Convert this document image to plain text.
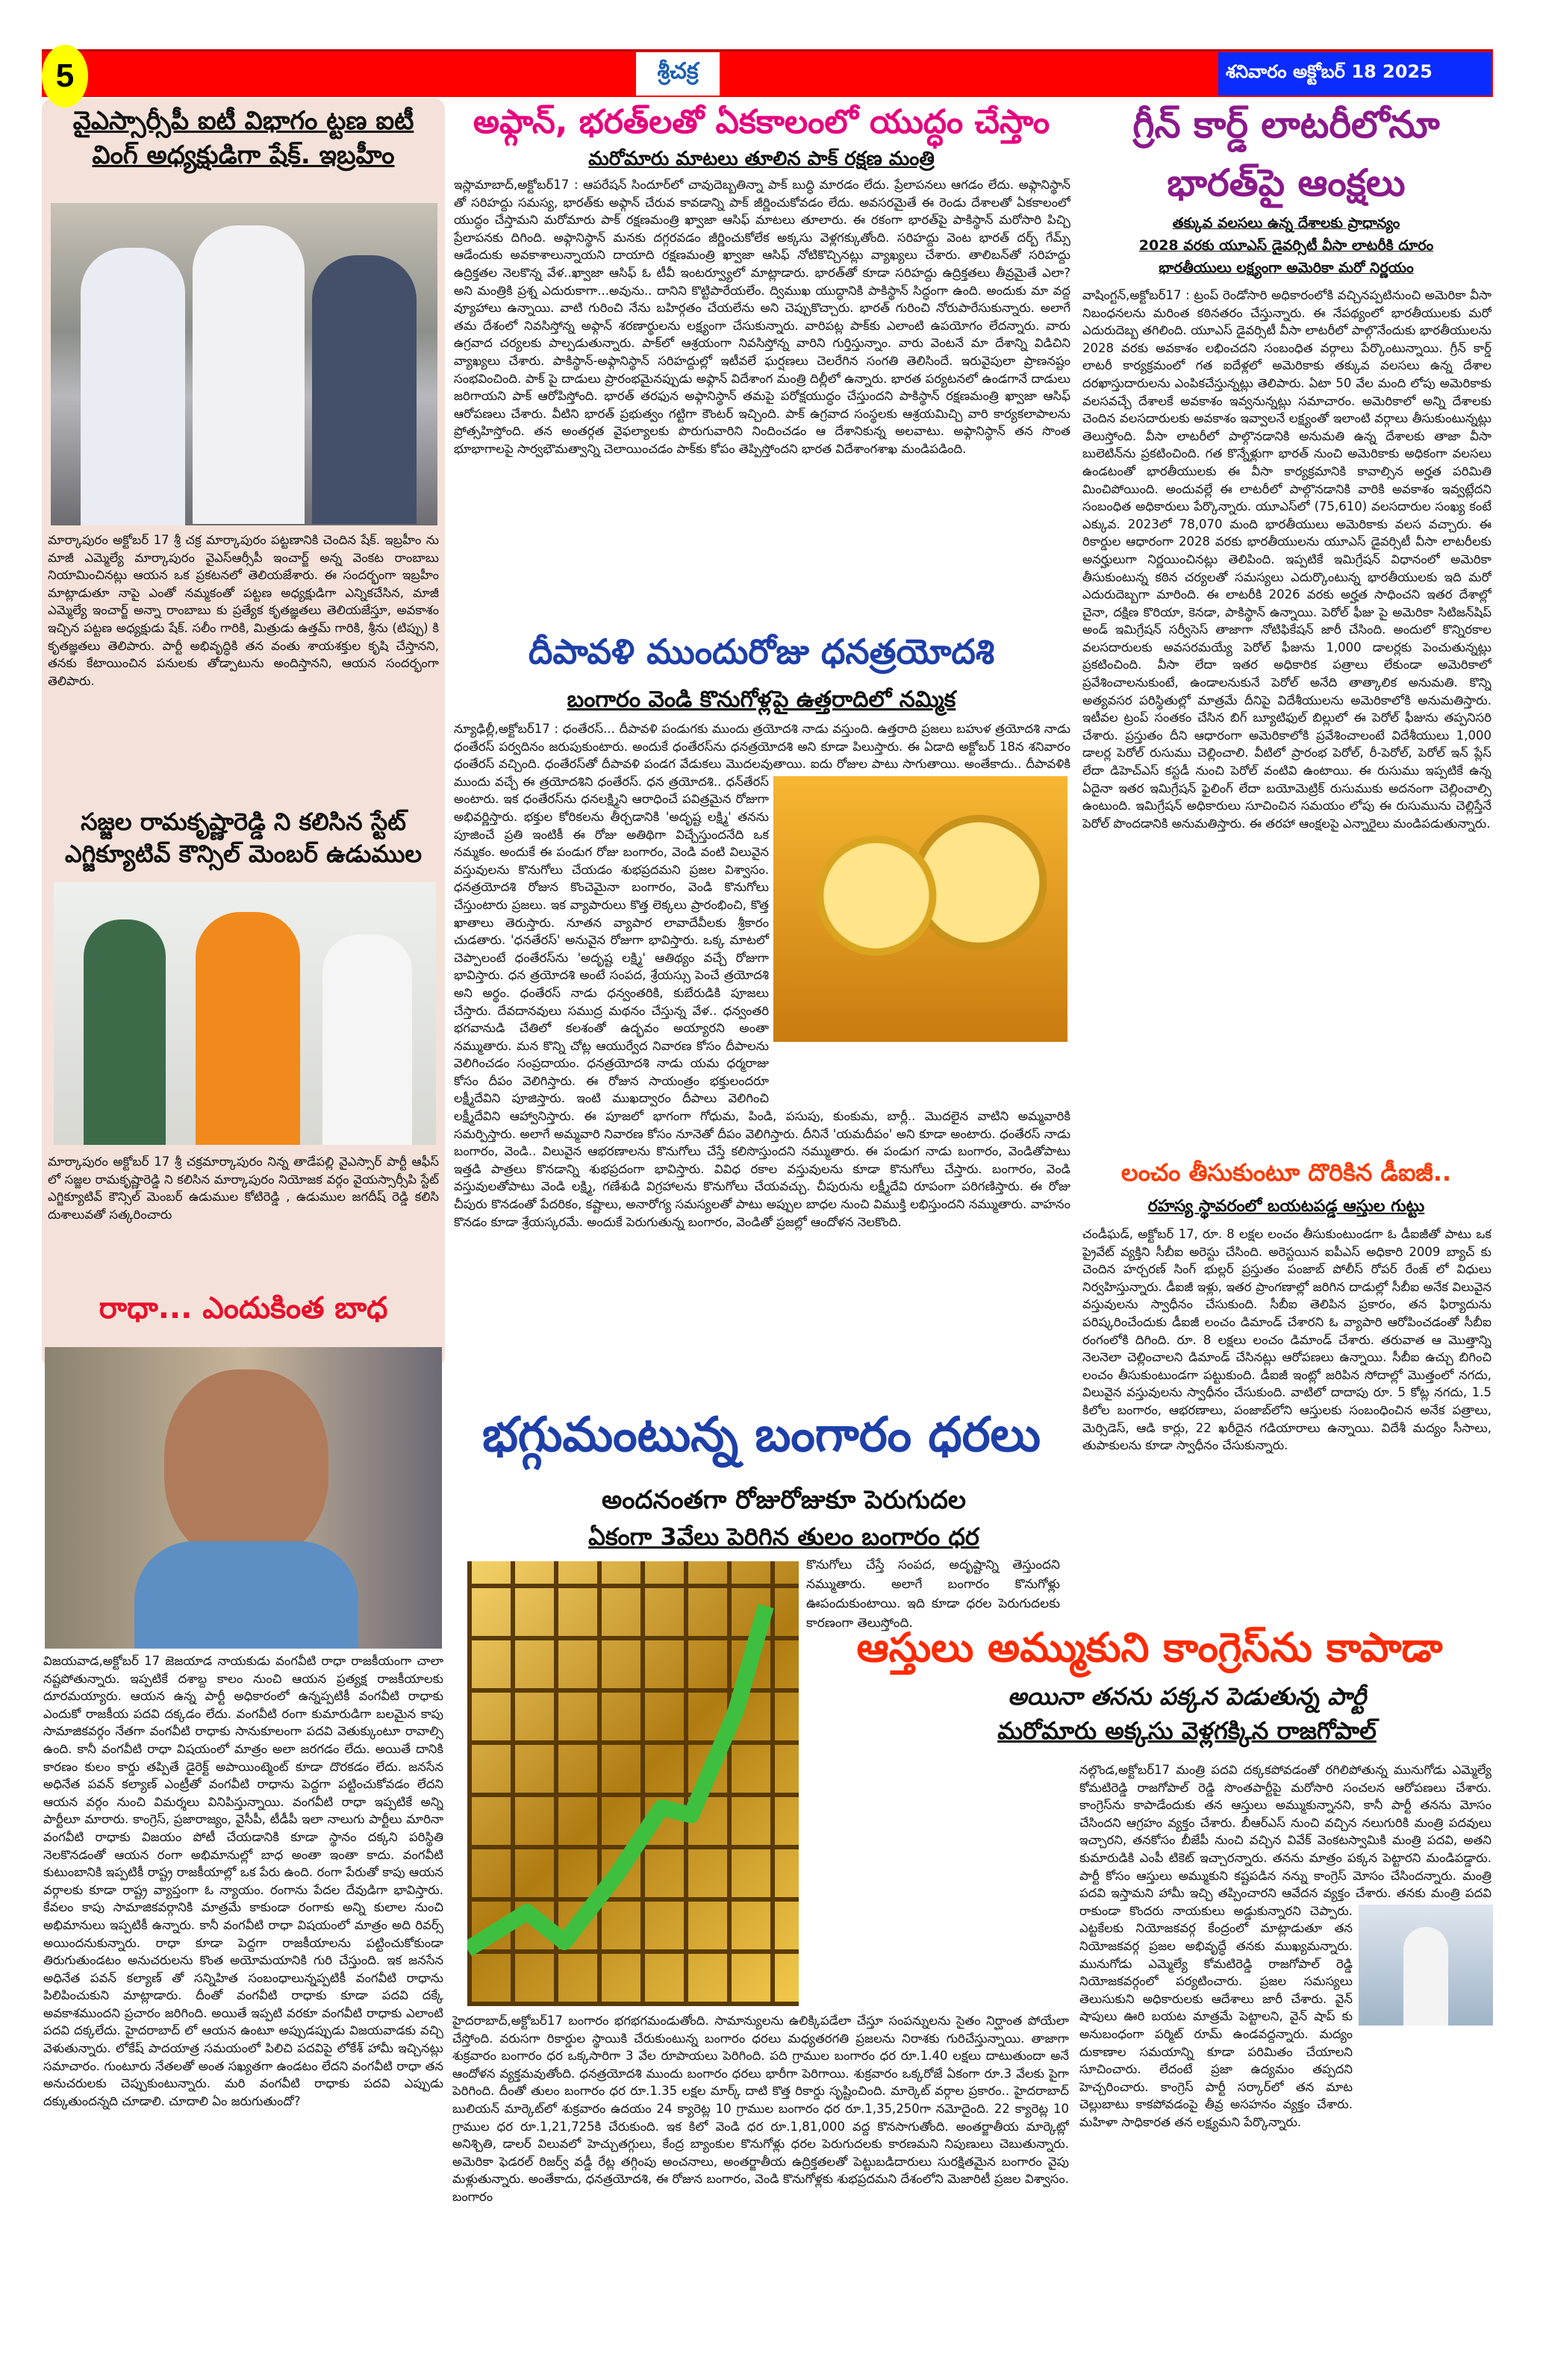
5	శ్రీచక్ర	శనివారం అక్టోబర్ 18 2025
వైఎస్సార్సీపీ ఐటీ విభాగం ట్టణ ఐటీ వింగ్ అధ్యక్షుడిగా షేక్. ఇబ్రహీం
మార్కాపురం అక్టోబర్ 17 శ్రీ చక్ర మార్కాపురం పట్టణానికి చెందిన షేక్. ఇబ్రహీం ను మాజీ ఎమ్మెల్యే మార్కాపురం వైఎస్ఆర్సీపీ ఇంచార్జ్ అన్న వెంకట రాంబాబు నియామించినట్లు ఆయన ఒక ప్రకటనలో తెలియజేశారు. ఈ సందర్భంగా ఇబ్రహీం మాట్లాడుతూ నాపై ఎంతో నమ్మకంతో పట్టణ అధ్యక్షుడిగా ఎన్నికచేసిన, మాజీ ఎమ్మెల్యే ఇంచార్జ్ అన్నా రాంబాబు కు ప్రత్యేక కృతజ్ఞతలు తెలియజేస్తూ, అవకాశం ఇచ్చిన పట్టణ అధ్యక్షుడు షేక్. సలీం గారికి, మిత్రుడు ఉత్తమ్ గారికి, శ్రీను (టిప్పు) కి కృతజ్ఞతలు తెలిపారు. పార్టీ అభివృద్ధికి తన వంతు శాయశక్తుల కృషి చేస్తానని, తనకు కేటాయించిన పనులకు తోడ్పాటును అందిస్తానని, ఆయన సందర్భంగా తెలిపారు.
సజ్జల రామకృష్ణారెడ్డి ని కలిసిన స్టేట్ ఎగ్జిక్యూటివ్ కౌన్సిల్ మెంబర్ ఉడుముల
మార్కాపురం అక్టోబర్ 17 శ్రీ చక్రమార్కాపురం నిన్న తాడేపల్లి వైఎస్సార్ పార్టీ ఆఫీస్ లో సజ్జల రామకృష్ణారెడ్డి ని కలిసిన మార్కాపురం నియోజక వర్గం వైయస్సార్సీపి స్టేట్ ఎగ్జిక్యూటివ్ కౌన్సిల్ మెంబర్ ఉడుముల కోటిరెడ్డి , ఉడుముల జగదీష్ రెడ్డి కలిసి దుశాలువతో సత్కరించారు
రాధా... ఎందుకింత బాధ
విజయవాడ,అక్టోబర్ 17 జెజయాడ నాయకుడు వంగవీటి రాధా రాజకీయంగా చాలా నష్టపోతున్నారు. ఇప్పటికే దశాబ్ద కాలం నుంచి ఆయన ప్రత్యక్ష రాజకీయాలకు దూరమయ్యారు. ఆయన ఉన్న పార్టీ అధికారంలో ఉన్నప్పటికీ వంగవీటి రాధాకు ఎందుకో రాజకీయ పదవి దక్కడం లేదు. వంగవీటి రంగా కుమారుడిగా బలమైన కాపు సామాజికవర్గం నేతగా వంగవీటి రాధాకు సానుకూలంగా పదవి వెతుక్కుంటూ రావాల్సి ఉంది. కానీ వంగవీటి రాధా విషయంలో మాత్రం అలా జరగడం లేదు. అయితే దానికి కారణం కులం కార్డు తప్పితే డైరెక్ట్ అపాయింట్మెంట్ కూడా దొరకడం లేదు. జనసేన అధినేత పవన్ కల్యాణ్ ఎంట్రీతో వంగవీటి రాధాను పెద్దగా పట్టించుకోవడం లేదని ఆయన వర్గం నుంచి విమర్శలు వినిపిస్తున్నాయి. వంగవీటి రాధా ఇప్పటికే అన్ని పార్టీలూ మారారు. కాంగ్రెస్, ప్రజారాజ్యం, వైసీపీ, టీడీపీ ఇలా నాలుగు పార్టీలు మారినా వంగవీటి రాధాకు విజయం పోటీ చేయడానికి కూడా స్థానం దక్కని పరిస్థితి నెలకొనడంతో ఆయన రంగా అభిమానుల్లో బాధ అంతా ఇంతా కాదు. వంగవీటి కుటుంబానికి ఇప్పటికీ రాష్ట్ర రాజకీయాల్లో ఒక పేరు ఉంది. రంగా పేరుతో కాపు ఆయన వర్గాలకు కూడా రాష్ట్ర వ్యాప్తంగా ఓ న్యాయం. రంగాను పేదల దేవుడిగా భావిస్తారు. కేవలం కాపు సామాజికవర్గానికి మాత్రమే కాకుండా రంగాకు అన్ని కులాల నుంచి అభిమానులు ఇప్పటికీ ఉన్నారు. కానీ వంగవీటి రాధా విషయంలో మాత్రం అది రివర్స్ అయిందనుకున్నారు. రాధా కూడా పెద్దగా రాజకీయాలను పట్టించుకోకుండా తిరుగుతుండటం అనుచరులను కొంత అయోమయానికి గురి చేస్తుంది. ఇక జనసేన అధినేత పవన్ కల్యాణ్ తో సన్నిహిత సంబంధాలున్నప్పటికీ వంగవీటి రాధాను పిలిపించుకుని మాట్లాడారు. దీంతో వంగవీటి రాధాకు కూడా పదవి దక్కే అవకాశముందని ప్రచారం జరిగింది. అయితే ఇప్పటి వరకూ వంగవీటి రాధాకు ఎలాంటి పదవి దక్కలేదు. హైదరాబాద్ లో ఆయన ఉంటూ అప్పుడప్పుడు విజయవాడకు వచ్చి వెళుతున్నారు. లోకేష్ పాదయాత్ర సమయంలో పిలిచి పదవిపై లోకేశ్ హామీ ఇచ్చినట్లు సమాచారం. గుంటూరు నేతలతో అంత సఖ్యతగా ఉండటం లేదని వంగవీటి రాధా తన అనుచరులకు చెప్పుకుంటున్నారు. మరి వంగవీటి రాధాకు పదవి ఎప్పుడు దక్కుతుందన్నది చూడాలి. చూదాలి ఏం జరుగుతుందో?
అఫ్గాన్, భరత్‌లతో ఏకకాలంలో యుద్ధం చేస్తాం
మరోమారు మాటలు తూలిన పాక్ రక్షణ మంత్రి
ఇస్లామాబాద్,అక్టోబర్17 : ఆపరేషన్ సిందూర్‌లో చావుదెబ్బతిన్నా పాక్ బుద్ధి మారడం లేదు. ప్రేలాపనలు ఆగడం లేదు. అఫ్గానిస్థాన్ తో సరిహద్దు సమస్య, భారత్‌కు అఫ్గాన్ చేరువ కావడాన్ని పాక్ జీర్ణించుకోవడం లేదు. అవసరమైతే ఈ రెండు దేశాలతో ఏకకాలంలో యుద్ధం చేస్తామని మరోమారు పాక్ రక్షణమంత్రి ఖ్వాజా ఆసిఫ్ మాటలు తూలారు. ఈ రకంగా భారత్‌పై పాకిస్థాన్ మరోసారి పిచ్చి ప్రేలాపనకు దిగింది. అఫ్గానిస్థాన్ మనకు దగ్గరవడం జీర్ణించుకోలేక అక్కసు వెళ్లగక్కుతోంది. సరిహద్దు వెంట భారత్ దర్బ్ గేమ్స్ ఆడేందుకు అవకాశాలున్నాయని దాయాది రక్షణమంత్రి ఖ్వాజా ఆసిఫ్ నోటికొచ్చినట్లు వ్యాఖ్యలు చేశారు. తాలిబన్‌తో సరిహద్దు ఉద్రిక్తతల నెలకొన్న వేళ..ఖ్వాజా ఆసిఫ్ ఓ టీవీ ఇంటర్వ్యూలో మాట్లాడారు. భారత్‌తో కూడా సరిహద్దు ఉద్రిక్తతలు తీవ్రమైతే ఎలా? అని మంత్రికి ప్రశ్న ఎదురుకాగా...అవును.. దానిని కొట్టిపారేయలేం. ద్విముఖ యుద్ధానికి పాకిస్థాన్ సిద్ధంగా ఉంది. అందుకు మా వద్ద వ్యూహాలు ఉన్నాయి. వాటి గురించి నేను బహిర్గతం చేయలేను అని చెప్పుకొచ్చారు. భారత్ గురించి నోరుపారేసుకున్నారు. అలాగే తమ దేశంలో నివసిస్తోన్న అఫ్గాన్ శరణార్థులను లక్ష్యంగా చేసుకున్నారు. వారిపట్ల పాక్‌కు ఎలాంటి ఉపయోగం లేదన్నారు. వారు ఉగ్రవాద చర్యలకు పాల్పడుతున్నారు. పాక్‌లో ఆశ్రయంగా నివసిస్తోన్న వారిని గుర్తిస్తున్నాం. వారు వెంటనే మా దేశాన్ని విడిచిని వ్యాఖ్యలు చేశారు. పాకిస్థాన్-అఫ్గానిస్థాన్ సరిహద్దుల్లో ఇటీవలే ఘర్షణలు చెలరేగిన సంగతి తెలిసిందే. ఇరువైపులా ప్రాణనష్టం సంభవించింది. పాక్ పై దాడులు ప్రారంభమైనప్పుడు అఫ్గాన్ విదేశాంగ మంత్రి దిల్లీలో ఉన్నారు. భారత పర్యటనలో ఉండగానే దాడులు జరిగాయని పాక్ ఆరోపిస్తోంది. భారత్ తరఫున అఫ్గానిస్థాన్ తమపై పరోక్షయుద్ధం చేస్తుందని పాకిస్థాన్ రక్షణమంత్రి ఖ్వాజా ఆసిఫ్ ఆరోపణలు చేశారు. వీటిని భారత్ ప్రభుత్వం గట్టిగా కౌంటర్ ఇచ్చింది. పాక్ ఉగ్రవాద సంస్థలకు ఆశ్రయమిచ్చి వారి కార్యకలాపాలను ప్రోత్సహిస్తోంది. తన అంతర్గత వైఫల్యాలకు పొరుగువారిని నిందించడం ఆ దేశానికున్న అలవాటు. అఫ్గానిస్థాన్ తన సొంత భూభాగాలపై సార్వభౌమత్వాన్ని చెలాయించడం పాక్‌కు కోపం తెప్పిస్తోందని భారత విదేశాంగశాఖ మండిపడింది.
దీపావళి ముందురోజు ధనత్రయోదశి
బంగారం వెండి కొనుగోళ్లపై ఉత్తరాదిలో నమ్మిక
న్యూఢిల్లీ,అక్టోబర్17 : ధంతేరస్... దీపావళి పండుగకు ముందు త్రయోదశి నాడు వస్తుంది. ఉత్తరాది ప్రజలు బహుళ త్రయోదశి నాడు ధంతేరస్ పర్వదినం జరుపుకుంటారు. అందుకే ధంతేరస్‌ను ధనత్రయోదశి అని కూడా పిలుస్తారు. ఈ ఏడాది అక్టోబర్ 18న శనివారం ధంతేరస్ వచ్చింది. ధంతేరస్‌తో దీపావళి పండగ వేడుకలు మొదలవుతాయి. ఐదు రోజుల పాటు సాగుతాయి. అంతేకాదు.. దీపావళికి ముందు వచ్చే ఈ త్రయోదశిని ధంతేరస్. ధన త్రయోదశి.. ధన్‌తేరస్ అంటారు. ఇక ధంతేరస్‌ను ధనలక్ష్మిని ఆరాధించే పవిత్రమైన రోజుగా అభివర్ణిస్తారు. భక్తుల కోరికలను తీర్చడానికి 'అదృష్ట లక్ష్మి' తనను పూజించే ప్రతి ఇంటికీ ఈ రోజు అతిథిగా విచ్చేస్తుందనేది ఒక నమ్మకం. అందుకే ఈ పండుగ రోజు బంగారం, వెండి వంటి విలువైన వస్తువులను కొనుగోలు చేయడం శుభప్రదమని ప్రజల విశ్వాసం. ధనత్రయోదశి రోజున కొంచెమైనా బంగారం, వెండి కొనుగోలు చేస్తుంటారు ప్రజలు. ఇక వ్యాపారులు కొత్త లెక్కలు ప్రారంభించి, కొత్త ఖాతాలు తెరుస్తారు. నూతన వ్యాపార లావాదేవీలకు శ్రీకారం చుడతారు. 'ధనతేరస్' అనువైన రోజుగా భావిస్తారు. ఒక్క మాటలో చెప్పాలంటే ధంతేరస్‌ను 'అదృష్ట లక్ష్మి' ఆతిథ్యం వచ్చే రోజుగా భావిస్తారు. ధన త్రయోదశి అంటే సంపద, శ్రేయస్సు పెంచే త్రయోదశి అని అర్థం. ధంతేరస్ నాడు ధన్వంతరికి, కుబేరుడికి పూజలు చేస్తారు. దేవదానవులు సముద్ర మథనం చేస్తున్న వేళ.. ధన్వంతరి భగవానుడి చేతిలో కలశంతో ఉద్భవం అయ్యారని అంతా నమ్ముతారు. మన కొన్ని చోట్ల ఆయుర్వేద నివారణ కోసం దీపాలను వెలిగించడం సంప్రదాయం. ధనత్రయోదశి నాడు యమ ధర్మరాజు కోసం దీపం వెలిగిస్తారు. ఈ రోజున సాయంత్రం భక్తులందరూ లక్ష్మీదేవిని పూజిస్తారు. ఇంటి ముఖద్వారం దీపాలు వెలిగించి లక్ష్మీదేవిని ఆహ్వానిస్తారు. ఈ పూజలో భాగంగా గోధుమ, పిండి, పసుపు, కుంకుమ, బార్లీ.. మొదలైన వాటిని అమ్మవారికి సమర్పిస్తారు. అలాగే అమ్మవారి నివారణ కోసం నూనెతో దీపం వెలిగిస్తారు. దీనినే 'యమదీపం' అని కూడా అంటారు. ధంతేరస్ నాడు బంగారం, వెండి.. విలువైన ఆభరణాలను కొనుగోలు చేస్తే కలిసొస్తుందని నమ్ముతారు. ఈ పండుగ నాడు బంగారం, వెండితోపాటు ఇత్తడి పాత్రలు కొనడాన్ని శుభప్రదంగా భావిస్తారు. వివిధ రకాల వస్తువులను కూడా కొనుగోలు చేస్తారు. బంగారం, వెండి వస్తువులతోపాటు వెండి లక్ష్మి, గణేశుడి విగ్రహాలను కొనుగోలు చేయవచ్చు. చీపురును లక్ష్మీదేవి రూపంగా పరిగణిస్తారు. ఈ రోజు చీపురు కొనడంతో పేదరికం, కష్టాలు, అనారోగ్య సమస్యలతో పాటు అప్పుల బాధల నుంచి విముక్తి లభిస్తుందని నమ్ముతారు. వాహనం కొనడం కూడా శ్రేయస్కరమే. అందుకే పెరుగుతున్న బంగారం, వెండితో ప్రజల్లో ఆందోళన నెలకొంది.
భగ్గుమంటున్న బంగారం ధరలు
అందనంతగా రోజురోజుకూ పెరుగుదల
ఏకంగా 3వేలు పెరిగిన తులం బంగారం ధర
కొనుగోలు చేస్తే సంపద, అదృష్టాన్ని తెస్తుందని నమ్ముతారు. అలాగే బంగారం కొనుగోళ్లు ఊపందుకుంటాయి. ఇది కూడా ధరల పెరుగుదలకు కారణంగా తెలుస్తోంది.
హైదరాబాద్,అక్టోబర్17 బంగారం భగభగమండుతోంది. సామాన్యులను ఉలిక్కిపడేలా చేస్తూ సంపన్నులను సైతం నిర్ఘాంత పోయేలా చేస్తోంది. వరుసగా రికార్డుల స్థాయికి చేరుకుంటున్న బంగారం ధరలు మధ్యతరగతి ప్రజలను నిరాశకు గురిచేస్తున్నాయి. తాజాగా శుక్రవారం బంగారం ధర ఒక్కసారిగా 3 వేల రూపాయలు పెరిగింది. పది గ్రాముల బంగారం ధర రూ.1.40 లక్షలు దాటుతుందా అనే ఆందోళన వ్యక్తమవుతోంది. ధనత్రయోదశి ముందు బంగారం ధరలు భారీగా పెరిగాయి. శుక్రవారం ఒక్కరోజే ఏకంగా రూ.3 వేలకు పైగా పెరిగింది. దీంతో తులం బంగారం ధర రూ.1.35 లక్షల మార్క్ దాటి కొత్త రికార్డు సృష్టించింది. మార్కెట్ వర్గాల ప్రకారం.. హైదరాబాద్ బులియన్ మార్కెట్‌లో శుక్రవారం ఉదయం 24 క్యారెట్ల 10 గ్రాముల బంగారం ధర రూ.1,35,250గా నమోదైంది. 22 క్యారెట్ల 10 గ్రాముల ధర రూ.1,21,725కి చేరుకుంది. ఇక కిలో వెండి ధర రూ.1,81,000 వద్ద కొనసాగుతోంది. అంతర్జాతీయ మార్కెట్లో అనిశ్చితి, డాలర్ విలువలో హెచ్చుతగ్గులు, కేంద్ర బ్యాంకుల కొనుగోళ్లు ధరల పెరుగుదలకు కారణమని నిపుణులు చెబుతున్నారు. అమెరికా ఫెడరల్ రిజర్వ్ వడ్డీ రేట్ల తగ్గింపు అంచనాలు, అంతర్జాతీయ ఉద్రిక్తతలతో పెట్టుబడిదారులు సురక్షితమైన బంగారం వైపు మళ్లుతున్నారు. అంతేకాదు, ధనత్రయోదశి, ఈ రోజున బంగారం, వెండి కొనుగోళ్లకు శుభప్రదమని దేశంలోని మెజారిటీ ప్రజల విశ్వాసం. బంగారం
గ్రీన్ కార్డ్ లాటరీలోనూ భారత్‌పై ఆంక్షలు
తక్కువ వలసలు ఉన్న దేశాలకు ప్రాధాన్యం
2028 వరకు యూఎస్ డైవర్సిటీ వీసా లాటరీకి దూరం
భారతీయులు లక్ష్యంగా అమెరికా మరో నిర్ణయం
వాషింగ్టన్,అక్టోబర్17 : ట్రంప్ రెండోసారి అధికారంలోకి వచ్చినప్పటినుంచి అమెరికా వీసా నిబంధనలను మరింత కఠినతరం చేస్తున్నారు. ఈ నేపథ్యంలో భారతీయులకు మరో ఎదురుదెబ్బ తగిలింది. యూఎస్ డైవర్సిటీ వీసా లాటరీలో పాల్గొనేందుకు భారతీయులను 2028 వరకు అవకాశం లభించదని సంబంధిత వర్గాలు పేర్కొంటున్నాయి. గ్రీన్ కార్డ్ లాటరీ కార్యక్రమంలో గత ఐదేళ్లలో అమెరికాకు తక్కువ వలసలు ఉన్న దేశాల దరఖాస్తుదారులను ఎంపికచేస్తున్నట్లు తెలిపారు. ఏటా 50 వేల మంది లోపు అమెరికాకు వలసవచ్చే దేశాలకే అవకాశం ఇవ్వనున్నట్లు సమాచారం. అమెరికాలో అన్ని దేశాలకు చెందిన వలసదారులకు అవకాశం ఇవ్వాలనే లక్ష్యంతో ఇలాంటి వర్గాలు తీసుకుంటున్నట్లు తెలుస్తోంది. వీసా లాటరీలో పాల్గొనడానికి అనుమతి ఉన్న దేశాలకు తాజా వీసా బులెటిన్‌ను ప్రకటించింది. గత కొన్నేళ్లుగా భారత్ నుంచి అమెరికాకు అధికంగా వలసలు ఉండటంతో భారతీయులకు ఈ వీసా కార్యక్రమానికి కావాల్సిన అర్హత పరిమితి మించిపోయింది. అందువల్లే ఈ లాటరీలో పాల్గొనడానికి వారికి అవకాశం ఇవ్వట్లేదని సంబంధిత అధికారులు పేర్కొన్నారు. యూఎస్‌లో (75,610) వలసదారుల సంఖ్య కంటే ఎక్కువ. 2023లో 78,070 మంది భారతీయులు అమెరికాకు వలస వచ్చారు. ఈ రికార్డుల ఆధారంగా 2028 వరకు భారతీయులను యూఎస్ డైవర్సిటీ వీసా లాటరీలకు అనర్హులుగా నిర్ణయించినట్లు తెలిపింది. ఇప్పటికే ఇమిగ్రేషన్ విధానంలో అమెరికా తీసుకుంటున్న కఠిన చర్యలతో సమస్యలు ఎదుర్కొంటున్న భారతీయులకు ఇది మరో ఎదురుదెబ్బగా మారింది. ఈ లాటరీకి 2026 వరకు అర్హత సాధించని ఇతర దేశాల్లో చైనా, దక్షిణ కొరియా, కెనడా, పాకిస్థాన్ ఉన్నాయి. పెరోల్ ఫీజు పై అమెరికా సిటిజన్‌షిప్ అండ్ ఇమిగ్రేషన్ సర్వీసెస్ తాజాగా నోటిఫికేషన్ జారీ చేసింది. అందులో కొన్నిరకాల వలసదారులకు అవసరమయ్యే పెరోల్ ఫీజును 1,000 డాలర్లకు పెంచుతున్నట్లు ప్రకటించింది. వీసా లేదా ఇతర అధికారిక పత్రాలు లేకుండా అమెరికాలో ప్రవేశించాలనుకుంటే, ఉండాలనుకునే పెరోల్ అనేది తాత్కాలిక అనుమతి. కొన్ని అత్యవసర పరిస్థితుల్లో మాత్రమే దీనిపై విదేశీయులను అమెరికాలోకి అనుమతిస్తారు. ఇటీవల ట్రంప్ సంతకం చేసిన బిగ్ బ్యూటిఫుల్ బిల్లులో ఈ పెరోల్ ఫీజును తప్పనిసరి చేశారు. ప్రస్తుతం దీని ఆధారంగా అమెరికాలోకి ప్రవేశించాలంటే విదేశీయులు 1,000 డాలర్ల పెరోల్ రుసుము చెల్లించాలి. వీటిలో ప్రారంభ పెరోల్, రీ-పెరోల్, పెరోల్ ఇన్ ప్లేస్ లేదా డిహెచ్ఎస్ కస్టడీ నుంచి పెరోల్ వంటివి ఉంటాయి. ఈ రుసుము ఇప్పటికే ఉన్న ఏదైనా ఇతర ఇమిగ్రేషన్ ఫైలింగ్ లేదా బయోమెట్రిక్ రుసుముకు అదనంగా చెల్లించాల్సి ఉంటుంది. ఇమిగ్రేషన్ అధికారులు సూచించిన సమయం లోపు ఈ రుసుమును చెల్లిస్తేనే పెరోల్ పొందడానికి అనుమతిస్తారు. ఈ తరహా ఆంక్షలపై ఎన్నారైలు మండిపడుతున్నారు.
లంచం తీసుకుంటూ దొరికిన డీఐజీ..
రహస్య స్థావరంలో బయటపడ్డ ఆస్తుల గుట్టు
చండీఘడ్, అక్టోబర్ 17, రూ. 8 లక్షల లంచం తీసుకుంటుండగా ఓ డీఐజీతో పాటు ఒక ప్రైవేట్ వ్యక్తిని సీబీఐ అరెస్టు చేసింది. అరెస్టయిన ఐపీఎస్ అధికారి 2009 బ్యాచ్ కు చెందిన హర్చరణ్ సింగ్ భుల్లర్ ప్రస్తుతం పంజాబ్ పోలీస్ రోపర్ రేంజ్ లో విధులు నిర్వహిస్తున్నారు. డీఐజీ ఇళ్లు, ఇతర ప్రాంగణాల్లో జరిగిన దాడుల్లో సీబీఐ అనేక విలువైన వస్తువులను స్వాధీనం చేసుకుంది. సీబీఐ తెలిపిన ప్రకారం, తన ఫిర్యాదును పరిష్కరించేందుకు డీఐజీ లంచం డిమాండ్ చేశారని ఓ వ్యాపారి ఆరోపించడంతో సీబీఐ రంగంలోకి దిగింది. రూ. 8 లక్షలు లంచం డిమాండ్ చేశారు. తరువాత ఆ మొత్తాన్ని నెలనెలా చెల్లించాలని డిమాండ్ చేసినట్లు ఆరోపణలు ఉన్నాయి. సీబీఐ ఉచ్చు బిగించి లంచం తీసుకుంటుండగా పట్టుకుంది. డీఐజీ ఇంట్లో జరిపిన సోదాల్లో మొత్తంలో నగదు, విలువైన వస్తువులను స్వాధీనం చేసుకుంది. వాటిలో దాదాపు రూ. 5 కోట్ల నగదు, 1.5 కిలోల బంగారం, ఆభరణాలు, పంజాబ్‌లోని ఆస్తులకు సంబంధించిన అనేక పత్రాలు, మెర్సిడెస్, ఆడి కార్లు, 22 ఖరీదైన గడియారాలు ఉన్నాయి. విదేశీ మద్యం సీసాలు, తుపాకులను కూడా స్వాధీనం చేసుకున్నారు.
ఆస్తులు అమ్ముకుని కాంగ్రెస్‌ను కాపాడా
అయినా తనను పక్కన పెడుతున్న పార్టీ
మరోమారు అక్కసు వెళ్లగక్కిన రాజగోపాల్
నల్గొండ,అక్టోబర్17 మంత్రి పదవి దక్కకపోవడంతో రగిలిపోతున్న మునుగోడు ఎమ్మెల్యే కోమటిరెడ్డి రాజగోపాల్ రెడ్డి సొంతపార్టీపై మరోసారి సంచలన ఆరోపణలు చేశారు. కాంగ్రెస్‌ను కాపాడేందుకు తన ఆస్తులు అమ్ముకున్నానని, కానీ పార్టీ తనను మోసం చేసిందని ఆగ్రహం వ్యక్తం చేశారు. బీఆర్ఎస్ నుంచి వచ్చిన నలుగురికి మంత్రి పదవులు ఇచ్చారని, తనకోసం బీజేపీ నుంచి వచ్చిన వివేక్ వెంకటస్వామికి మంత్రి పదవి, అతని కుమారుడికి ఎంపీ టికెట్ ఇచ్చారన్నారు. తనను మాత్రం పక్కన పెట్టారని మండిపడ్డారు. పార్టీ కోసం ఆస్తులు అమ్ముకుని కష్టపడిన నన్ను కాంగ్రెస్ మోసం చేసిందన్నారు. మంత్రి పదవి ఇస్తామని హామీ ఇచ్చి తప్పించారని ఆవేదన వ్యక్తం చేశారు. తనకు మంత్రి పదవి రాకుండా కొందరు నాయకులు అడ్డుకున్నారని చెప్పారు. ఎట్టకేలకు నియోజకవర్గ కేంద్రంలో మాట్లాడుతూ తన నియోజకవర్గ ప్రజల అభివృద్ధే తనకు ముఖ్యమన్నారు. మునుగోడు ఎమ్మెల్యే కోమటిరెడ్డి రాజగోపాల్ రెడ్డి నియోజకవర్గంలో పర్యటించారు. ప్రజల సమస్యలు తెలుసుకుని అధికారులకు ఆదేశాలు జారీ చేశారు. వైన్ షాపులు ఊరి బయట మాత్రమే పెట్టాలని, వైన్ షాప్ కు అనుబంధంగా పర్మిట్ రూమ్ ఉండవద్దన్నారు. మద్యం దుకాణాల సమయాన్ని కూడా పరిమితం చేయాలని సూచించారు. లేదంటే ప్రజా ఉద్యమం తప్పదని హెచ్చరించారు. కాంగ్రెస్ పార్టీ సర్కార్‌లో తన మాట చెల్లుబాటు కాకపోవడంపై తీవ్ర అసహనం వ్యక్తం చేశారు. మహిళా సాధికారత తన లక్ష్యమని పేర్కొన్నారు.
